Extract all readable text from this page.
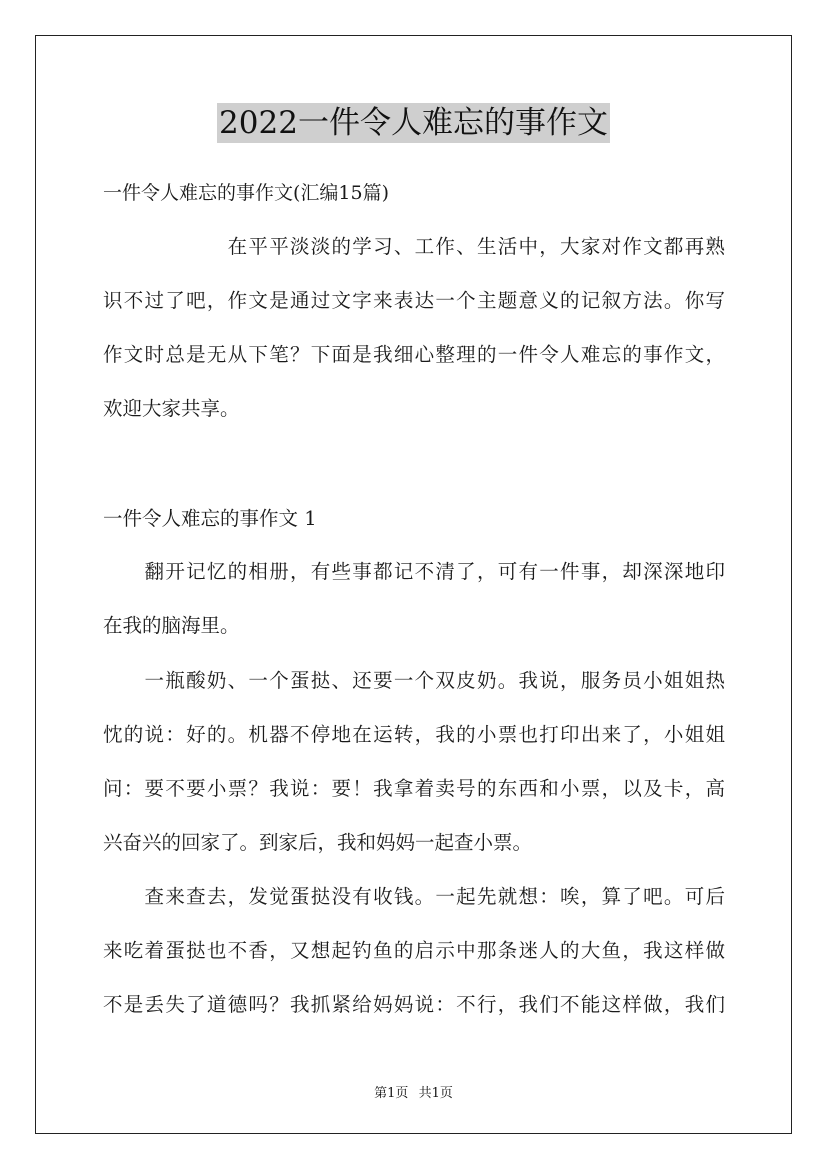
2022一件令人难忘的事作文
一件令人难忘的事作文(汇编15篇)
　　　　　　在平平淡淡的学习、工作、生活中，大家对作文都再熟
识不过了吧，作文是通过文字来表达一个主题意义的记叙方法。你写
作文时总是无从下笔？下面是我细心整理的一件令人难忘的事作文，
欢迎大家共享。
一件令人难忘的事作文 1
　　翻开记忆的相册，有些事都记不清了，可有一件事，却深深地印
在我的脑海里。
　　一瓶酸奶、一个蛋挞、还要一个双皮奶。我说，服务员小姐姐热
忱的说：好的。机器不停地在运转，我的小票也打印出来了，小姐姐
问：要不要小票？我说：要！我拿着卖号的东西和小票，以及卡，高
兴奋兴的回家了。到家后，我和妈妈一起查小票。
　　查来查去，发觉蛋挞没有收钱。一起先就想：唉，算了吧。可后
来吃着蛋挞也不香，又想起钓鱼的启示中那条迷人的大鱼，我这样做
不是丢失了道德吗？我抓紧给妈妈说：不行，我们不能这样做，我们
第1页 共1页
